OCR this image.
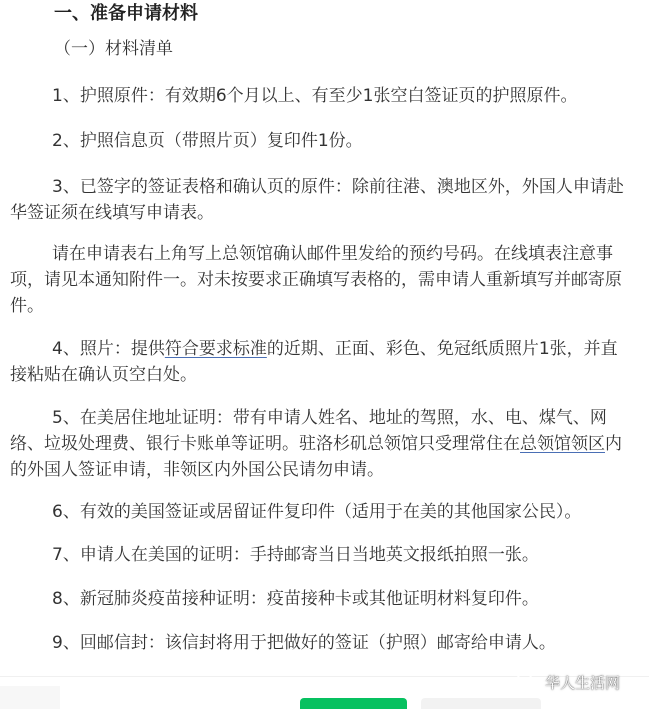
一、准备申请材料
（一）材料清单
1、护照原件：有效期6个月以上、有至少1张空白签证页的护照原件。
2、护照信息页（带照片页）复印件1份。
3、已签字的签证表格和确认页的原件：除前往港、澳地区外，外国人申请赴
华签证须在线填写申请表。
请在申请表右上角写上总领馆确认邮件里发给的预约号码。在线填表注意事
项，请见本通知附件一。对未按要求正确填写表格的，需申请人重新填写并邮寄原
件。
4、照片：提供符合要求标准的近期、正面、彩色、免冠纸质照片1张，并直
接粘贴在确认页空白处。
5、在美居住地址证明：带有申请人姓名、地址的驾照，水、电、煤气、网
络、垃圾处理费、银行卡账单等证明。驻洛杉矶总领馆只受理常住在总领馆领区内
的外国人签证申请，非领区内外国公民请勿申请。
6、有效的美国签证或居留证件复印件（适用于在美的其他国家公民）。
7、申请人在美国的证明：手持邮寄当日当地英文报纸拍照一张。
8、新冠肺炎疫苗接种证明：疫苗接种卡或其他证明材料复印件。
9、回邮信封：该信封将用于把做好的签证（护照）邮寄给申请人。
华人生活网
